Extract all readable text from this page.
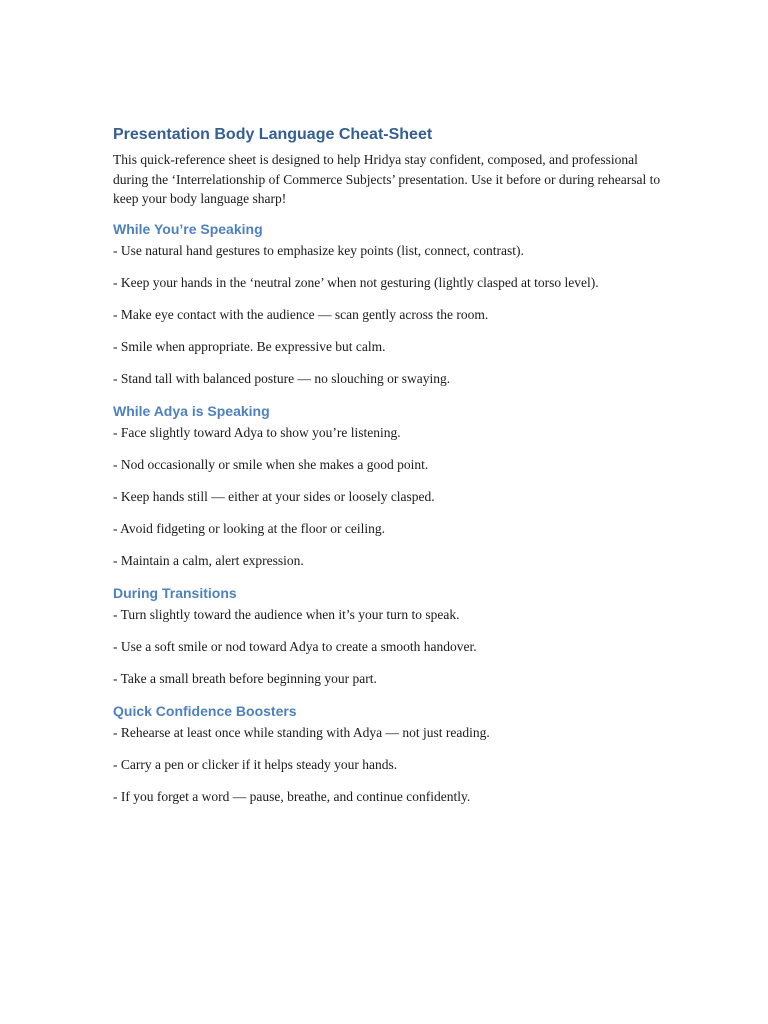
Presentation Body Language Cheat-Sheet

This quick-reference sheet is designed to help Hridya stay confident, composed, and professional during the ‘Interrelationship of Commerce Subjects’ presentation. Use it before or during rehearsal to keep your body language sharp!

While You’re Speaking

- Use natural hand gestures to emphasize key points (list, connect, contrast).

- Keep your hands in the ‘neutral zone’ when not gesturing (lightly clasped at torso level).

- Make eye contact with the audience — scan gently across the room.

- Smile when appropriate. Be expressive but calm.

- Stand tall with balanced posture — no slouching or swaying.

While Adya is Speaking

- Face slightly toward Adya to show you’re listening.

- Nod occasionally or smile when she makes a good point.

- Keep hands still — either at your sides or loosely clasped.

- Avoid fidgeting or looking at the floor or ceiling.

- Maintain a calm, alert expression.

During Transitions

- Turn slightly toward the audience when it’s your turn to speak.

- Use a soft smile or nod toward Adya to create a smooth handover.

- Take a small breath before beginning your part.

Quick Confidence Boosters

- Rehearse at least once while standing with Adya — not just reading.

- Carry a pen or clicker if it helps steady your hands.

- If you forget a word — pause, breathe, and continue confidently.
